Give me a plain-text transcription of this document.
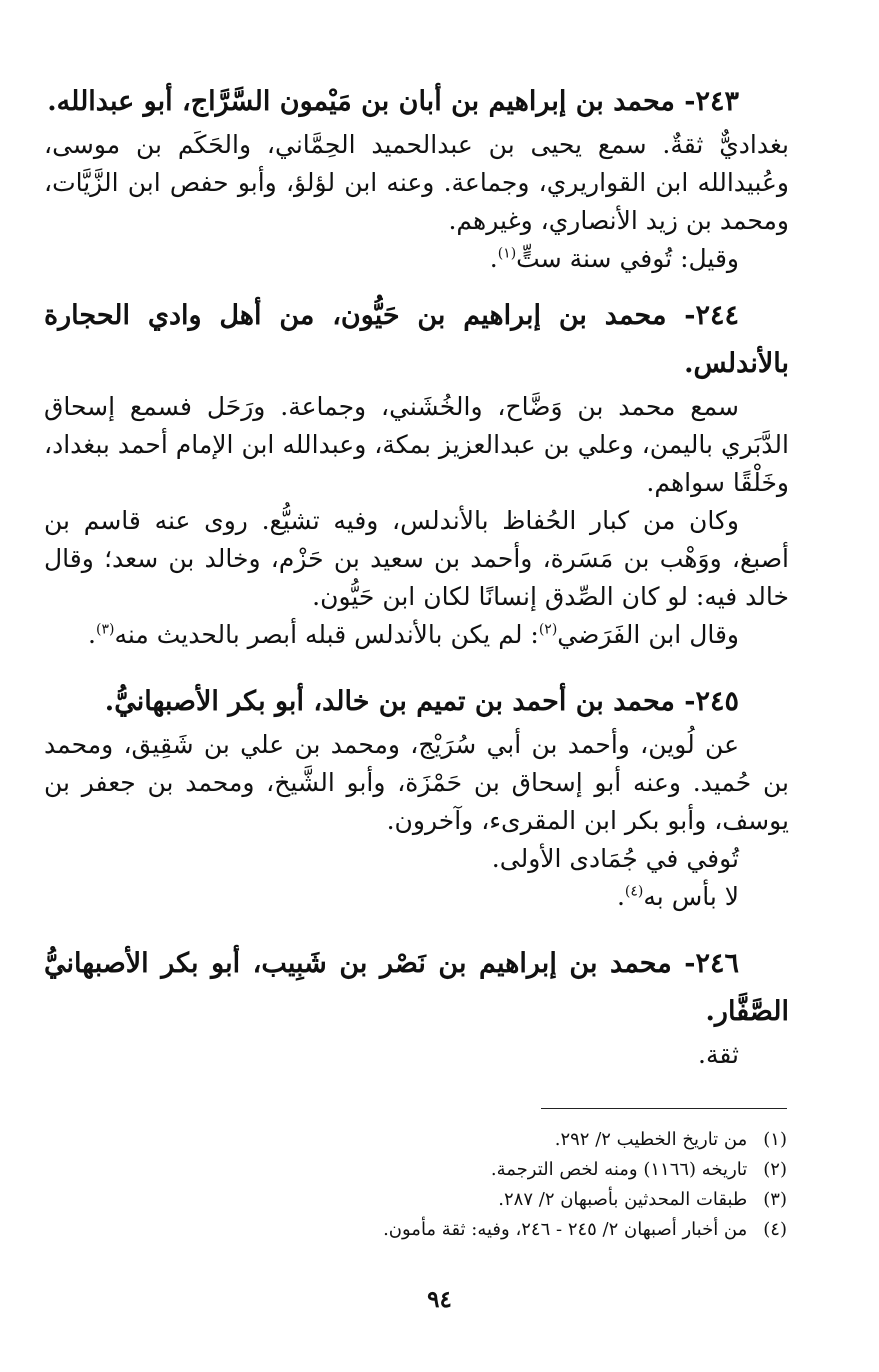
٢٤٣- محمد بن إبراهيم بن أبان بن مَيْمون السَّرَّاج، أبو عبدالله.
بغداديٌّ ثقةٌ. سمع يحيى بن عبدالحميد الحِمَّاني، والحَكَم بن موسى، وعُبيدالله ابن القواريري، وجماعة. وعنه ابن لؤلؤ، وأبو حفص ابن الزَّيَّات، ومحمد بن زيد الأنصاري، وغيرهم.
وقيل: تُوفي سنة ستٍّ$^{(١)}$.
٢٤٤- محمد بن إبراهيم بن حَيُّون، من أهل وادي الحجارة بالأندلس.
سمع محمد بن وَضَّاح، والخُشَني، وجماعة. ورَحَل فسمع إسحاق الدَّبَري باليمن، وعلي بن عبدالعزيز بمكة، وعبدالله ابن الإمام أحمد ببغداد، وخَلْقًا سواهم.
وكان من كبار الحُفاظ بالأندلس، وفيه تشيُّع. روى عنه قاسم بن أصبغ، ووَهْب بن مَسَرة، وأحمد بن سعيد بن حَزْم، وخالد بن سعد؛ وقال خالد فيه: لو كان الصِّدق إنسانًا لكان ابن حَيُّون.
وقال ابن الفَرَضي$^{(٢)}$: لم يكن بالأندلس قبله أبصر بالحديث منه$^{(٣)}$.
٢٤٥- محمد بن أحمد بن تميم بن خالد، أبو بكر الأصبهانيُّ.
عن لُوين، وأحمد بن أبي سُرَيْج، ومحمد بن علي بن شَقِيق، ومحمد بن حُميد. وعنه أبو إسحاق بن حَمْزَة، وأبو الشَّيخ، ومحمد بن جعفر بن يوسف، وأبو بكر ابن المقرىء، وآخرون.
تُوفي في جُمَادى الأولى.
لا بأس به$^{(٤)}$.
٢٤٦- محمد بن إبراهيم بن نَصْر بن شَبِيب، أبو بكر الأصبهانيُّ الصَّفَّار.
ثقة.
(١) من تاريخ الخطيب ٢/ ٢٩٢.
(٢) تاريخه (١١٦٦) ومنه لخص الترجمة.
(٣) طبقات المحدثين بأصبهان ٢/ ٢٨٧.
(٤) من أخبار أصبهان ٢/ ٢٤٥ - ٢٤٦، وفيه: ثقة مأمون.
٩٤
